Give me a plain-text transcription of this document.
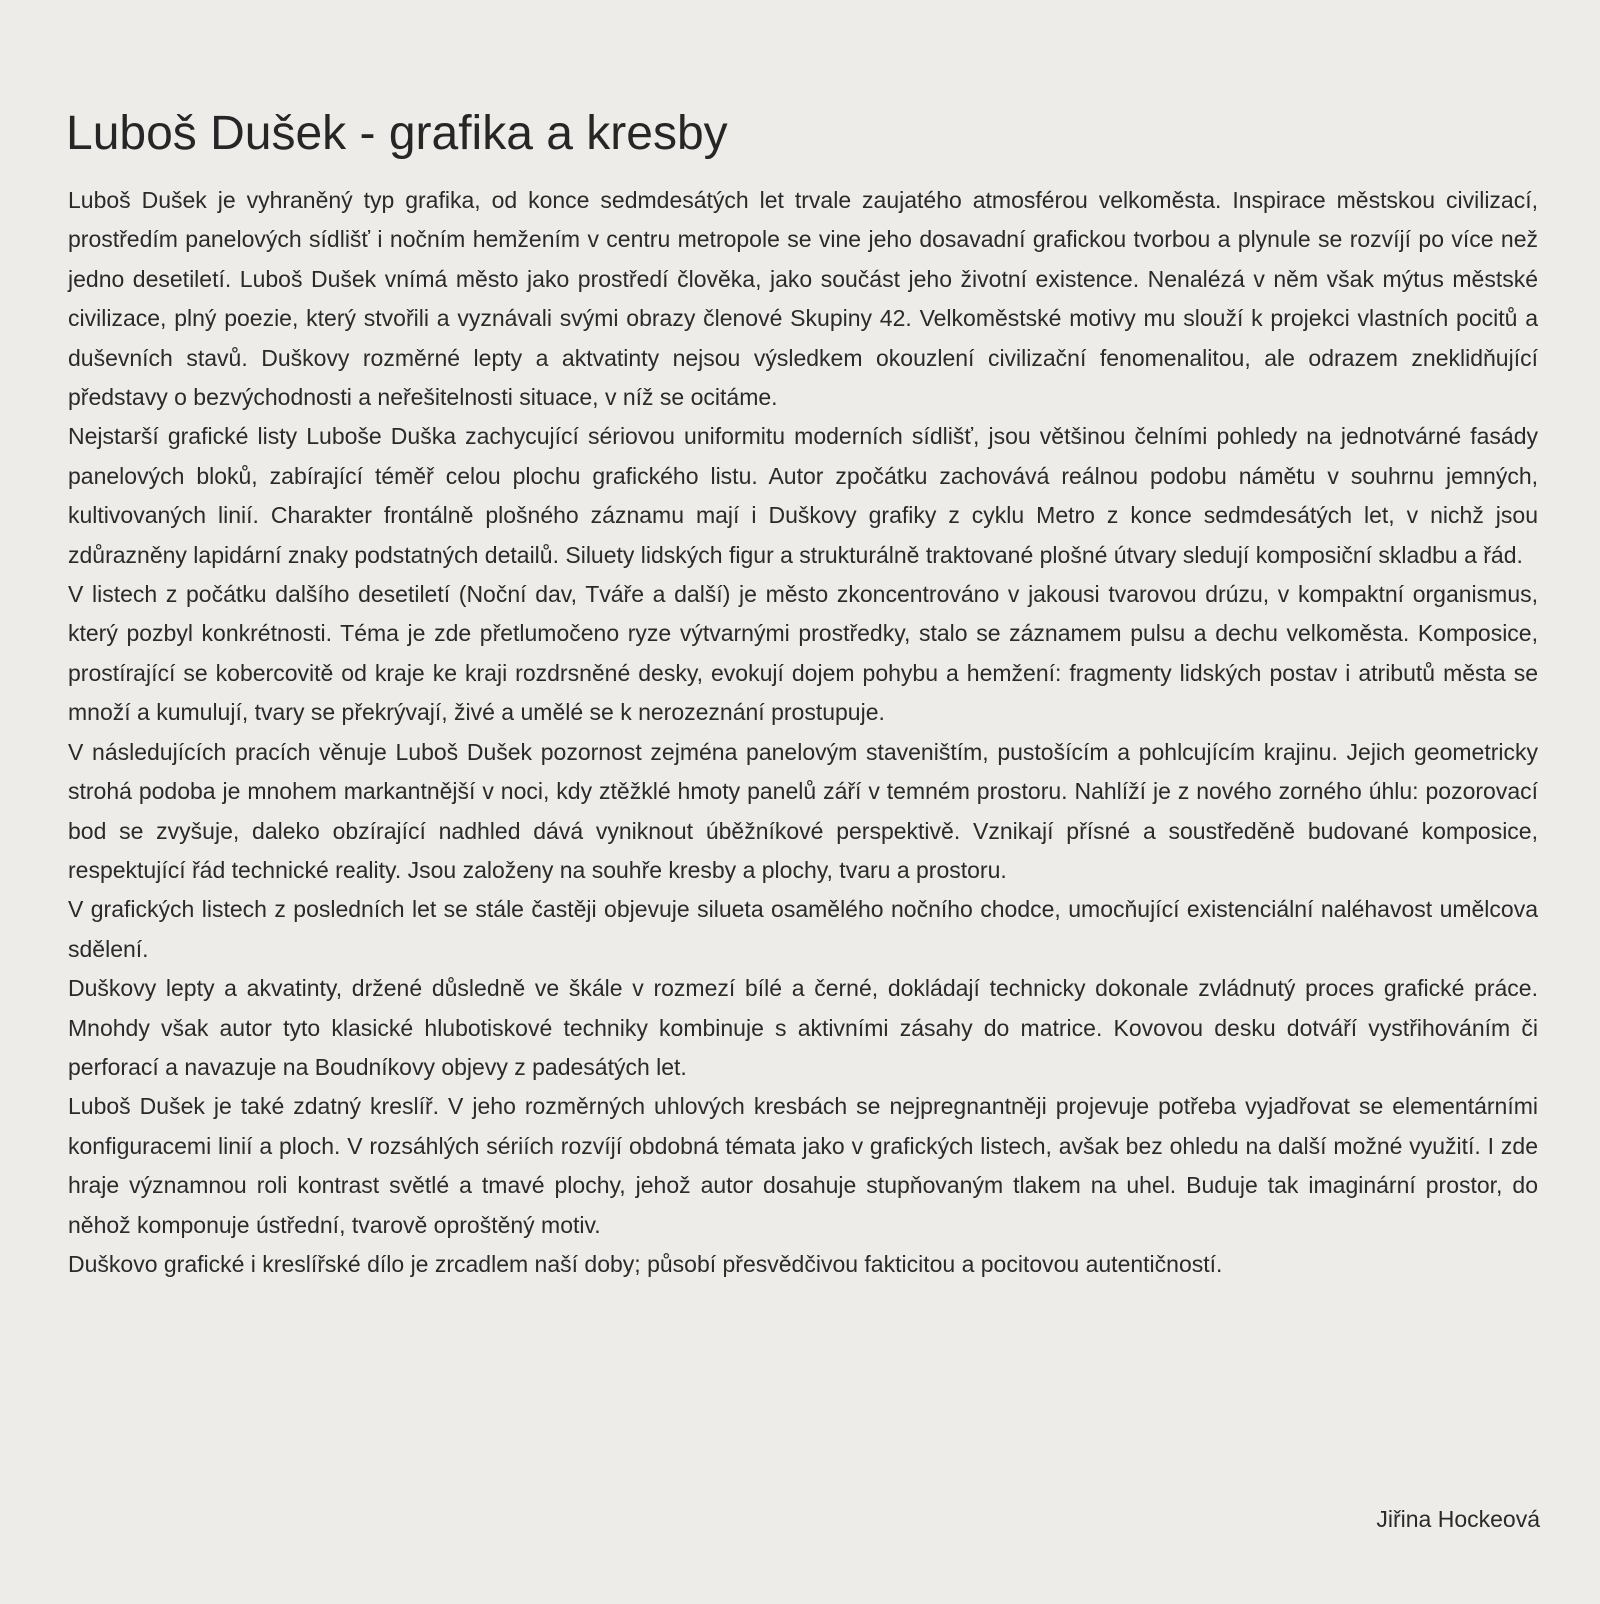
Luboš Dušek - grafika a kresby

Luboš Dušek je vyhraněný typ grafika, od konce sedmdesátých let trvale zaujatého atmosférou velkoměsta. Inspirace městskou civilizací, prostředím panelových sídlišť i nočním hemžením v centru metropole se vine jeho dosavadní grafickou tvorbou a plynule se rozvíjí po více než jedno desetiletí. Luboš Dušek vnímá město jako prostředí člověka, jako součást jeho životní existence. Nenalézá v něm však mýtus městské civilizace, plný poezie, který stvořili a vyznávali svými obrazy členové Skupiny 42. Velkoměstské motivy mu slouží k projekci vlastních pocitů a duševních stavů. Duškovy rozměrné lepty a aktvatinty nejsou výsledkem okouzlení civilizační fenomenalitou, ale odrazem zneklidňující představy o bezvýchodnosti a neřešitelnosti situace, v níž se ocitáme.

Nejstarší grafické listy Luboše Duška zachycující sériovou uniformitu moderních sídlišť, jsou většinou čelními pohledy na jednotvárné fasády panelových bloků, zabírající téměř celou plochu grafického listu. Autor zpočátku zachovává reálnou podobu námětu v souhrnu jemných, kultivovaných linií. Charakter frontálně plošného záznamu mají i Duškovy grafiky z cyklu Metro z konce sedmdesátých let, v nichž jsou zdůrazněny lapidární znaky podstatných detailů. Siluety lidských figur a strukturálně traktované plošné útvary sledují komposiční skladbu a řád.

V listech z počátku dalšího desetiletí (Noční dav, Tváře a další) je město zkoncentrováno v jakousi tvarovou drúzu, v kompaktní organismus, který pozbyl konkrétnosti. Téma je zde přetlumočeno ryze výtvarnými prostředky, stalo se záznamem pulsu a dechu velkoměsta. Komposice, prostírající se kobercovitě od kraje ke kraji rozdrsněné desky, evokují dojem pohybu a hemžení: fragmenty lidských postav i atributů města se množí a kumulují, tvary se překrývají, živé a umělé se k nerozeznání prostupuje.

V následujících pracích věnuje Luboš Dušek pozornost zejména panelovým staveništím, pustošícím a pohlcujícím krajinu. Jejich geometricky strohá podoba je mnohem markantnější v noci, kdy ztěžklé hmoty panelů září v temném prostoru. Nahlíží je z nového zorného úhlu: pozorovací bod se zvyšuje, daleko obzírající nadhled dává vyniknout úběžníkové perspektivě. Vznikají přísné a soustředěně budované komposice, respektující řád technické reality. Jsou založeny na souhře kresby a plochy, tvaru a prostoru.

V grafických listech z posledních let se stále častěji objevuje silueta osamělého nočního chodce, umocňující existenciální naléhavost umělcova sdělení.

Duškovy lepty a akvatinty, držené důsledně ve škále v rozmezí bílé a černé, dokládají technicky dokonale zvládnutý proces grafické práce. Mnohdy však autor tyto klasické hlubotiskové techniky kombinuje s aktivními zásahy do matrice. Kovovou desku dotváří vystřihováním či perforací a navazuje na Boudníkovy objevy z padesátých let.

Luboš Dušek je také zdatný kreslíř. V jeho rozměrných uhlových kresbách se nejpregnantněji projevuje potřeba vyjadřovat se elementárními konfiguracemi linií a ploch. V rozsáhlých sériích rozvíjí obdobná témata jako v grafických listech, avšak bez ohledu na další možné využití. I zde hraje významnou roli kontrast světlé a tmavé plochy, jehož autor dosahuje stupňovaným tlakem na uhel. Buduje tak imaginární prostor, do něhož komponuje ústřední, tvarově oproštěný motiv.

Duškovo grafické i kreslířské dílo je zrcadlem naší doby; působí přesvědčivou fakticitou a pocitovou autentičností.

Jiřina Hockeová
